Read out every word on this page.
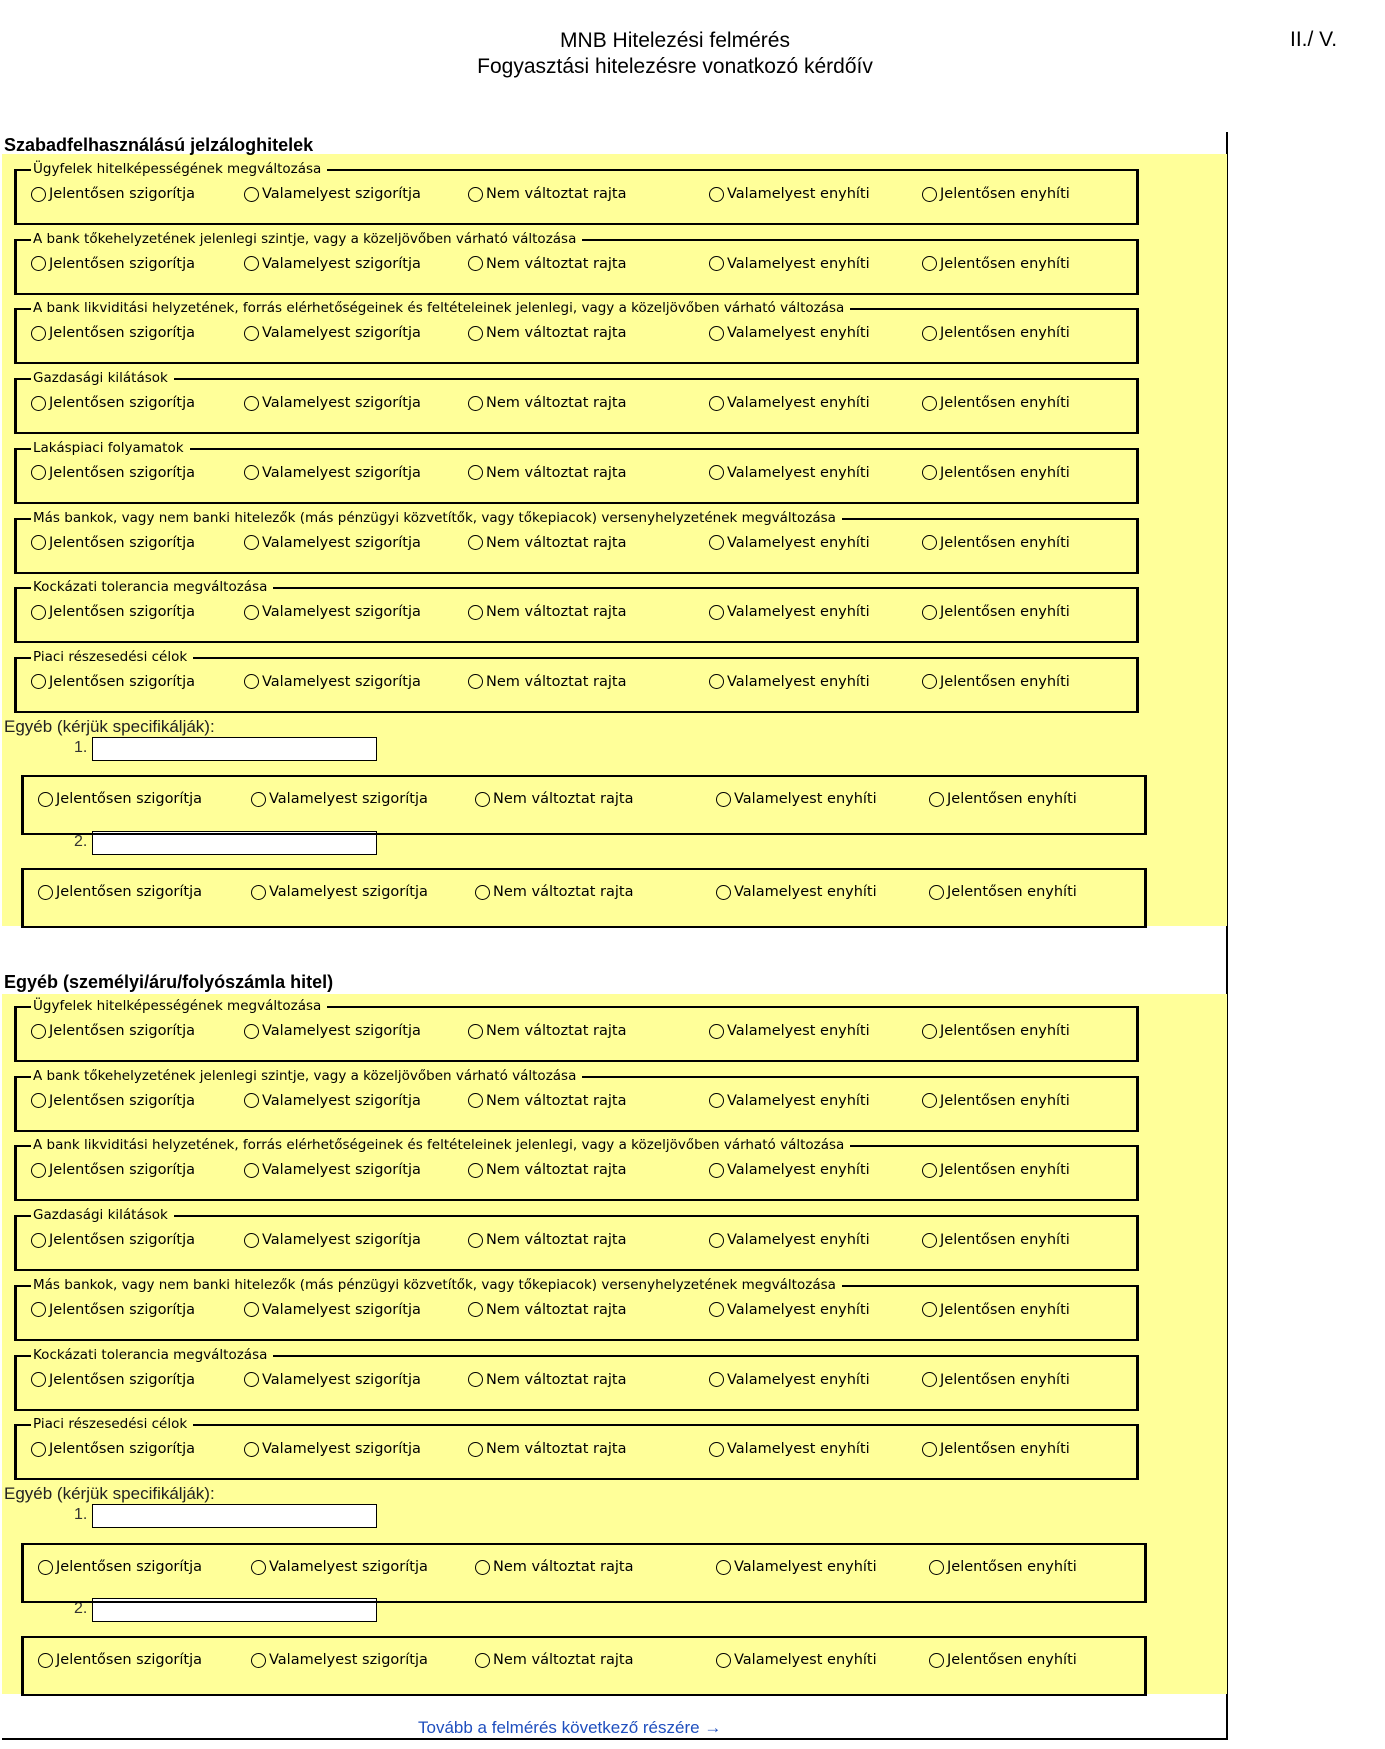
MNB Hitelezési felmérés
Fogyasztási hitelezésre vonatkozó kérdőív
II./ V.
Szabadfelhasználású jelzáloghitelek
Ügyfelek hitelképességének megváltozása
Jelentősen szigorítja	Valamelyest szigorítja	Nem változtat rajta	Valamelyest enyhíti	Jelentősen enyhíti
A bank tőkehelyzetének jelenlegi szintje, vagy a közeljövőben várható változása
Jelentősen szigorítja	Valamelyest szigorítja	Nem változtat rajta	Valamelyest enyhíti	Jelentősen enyhíti
A bank likviditási helyzetének, forrás elérhetőségeinek és feltételeinek jelenlegi, vagy a közeljövőben várható változása
Jelentősen szigorítja	Valamelyest szigorítja	Nem változtat rajta	Valamelyest enyhíti	Jelentősen enyhíti
Gazdasági kilátások
Jelentősen szigorítja	Valamelyest szigorítja	Nem változtat rajta	Valamelyest enyhíti	Jelentősen enyhíti
Lakáspiaci folyamatok
Jelentősen szigorítja	Valamelyest szigorítja	Nem változtat rajta	Valamelyest enyhíti	Jelentősen enyhíti
Más bankok, vagy nem banki hitelezők (más pénzügyi közvetítők, vagy tőkepiacok) versenyhelyzetének megváltozása
Jelentősen szigorítja	Valamelyest szigorítja	Nem változtat rajta	Valamelyest enyhíti	Jelentősen enyhíti
Kockázati tolerancia megváltozása
Jelentősen szigorítja	Valamelyest szigorítja	Nem változtat rajta	Valamelyest enyhíti	Jelentősen enyhíti
Piaci részesedési célok
Jelentősen szigorítja	Valamelyest szigorítja	Nem változtat rajta	Valamelyest enyhíti	Jelentősen enyhíti
Egyéb (kérjük specifikálják):
1.
2.
Jelentősen szigorítja	Valamelyest szigorítja	Nem változtat rajta	Valamelyest enyhíti	Jelentősen enyhíti
Jelentősen szigorítja	Valamelyest szigorítja	Nem változtat rajta	Valamelyest enyhíti	Jelentősen enyhíti
Egyéb (személyi/áru/folyószámla hitel)
Ügyfelek hitelképességének megváltozása
Jelentősen szigorítja	Valamelyest szigorítja	Nem változtat rajta	Valamelyest enyhíti	Jelentősen enyhíti
A bank tőkehelyzetének jelenlegi szintje, vagy a közeljövőben várható változása
Jelentősen szigorítja	Valamelyest szigorítja	Nem változtat rajta	Valamelyest enyhíti	Jelentősen enyhíti
A bank likviditási helyzetének, forrás elérhetőségeinek és feltételeinek jelenlegi, vagy a közeljövőben várható változása
Jelentősen szigorítja	Valamelyest szigorítja	Nem változtat rajta	Valamelyest enyhíti	Jelentősen enyhíti
Gazdasági kilátások
Jelentősen szigorítja	Valamelyest szigorítja	Nem változtat rajta	Valamelyest enyhíti	Jelentősen enyhíti
Más bankok, vagy nem banki hitelezők (más pénzügyi közvetítők, vagy tőkepiacok) versenyhelyzetének megváltozása
Jelentősen szigorítja	Valamelyest szigorítja	Nem változtat rajta	Valamelyest enyhíti	Jelentősen enyhíti
Kockázati tolerancia megváltozása
Jelentősen szigorítja	Valamelyest szigorítja	Nem változtat rajta	Valamelyest enyhíti	Jelentősen enyhíti
Piaci részesedési célok
Jelentősen szigorítja	Valamelyest szigorítja	Nem változtat rajta	Valamelyest enyhíti	Jelentősen enyhíti
Egyéb (kérjük specifikálják):
1.
2.
Jelentősen szigorítja	Valamelyest szigorítja	Nem változtat rajta	Valamelyest enyhíti	Jelentősen enyhíti
Jelentősen szigorítja	Valamelyest szigorítja	Nem változtat rajta	Valamelyest enyhíti	Jelentősen enyhíti
Tovább a felmérés következő részére →
